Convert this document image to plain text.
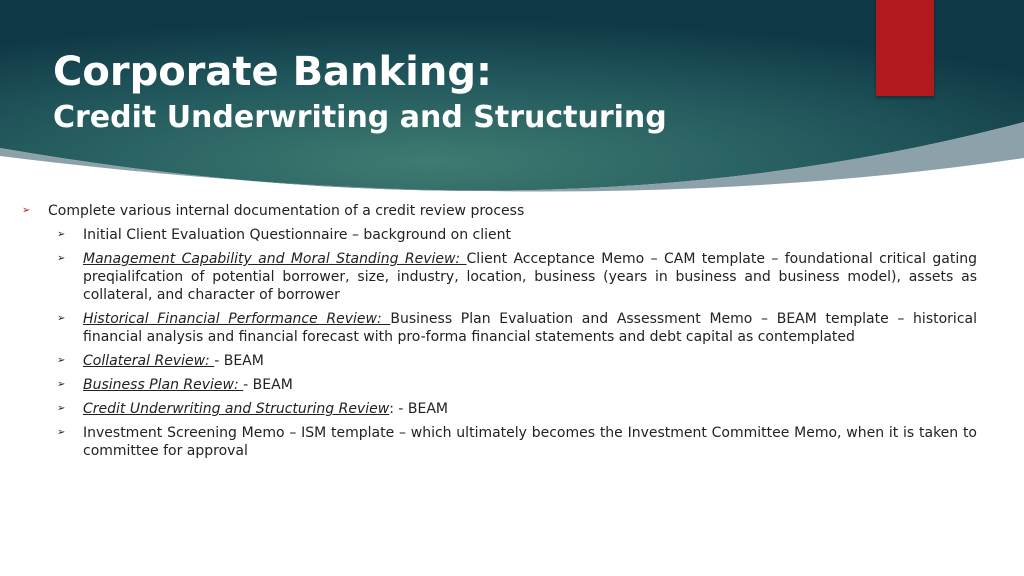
Corporate Banking:
Credit Underwriting and Structuring
➢	Complete various internal documentation of a credit review process
➢	Initial Client Evaluation Questionnaire – background on client
➢	Management Capability and Moral Standing Review: Client Acceptance Memo – CAM template – foundational critical gating preqialifcation of potential borrower, size, industry, location, business (years in business and business model), assets as collateral, and character of borrower
➢	Historical Financial Performance Review: Business Plan Evaluation and Assessment Memo – BEAM template – historical financial analysis and financial forecast with pro-forma financial statements and debt capital as contemplated
➢	Collateral Review: - BEAM
➢	Business Plan Review: - BEAM
➢	Credit Underwriting and Structuring Review: - BEAM
➢	Investment Screening Memo – ISM template – which ultimately becomes the Investment Committee Memo, when it is taken to committee for approval
